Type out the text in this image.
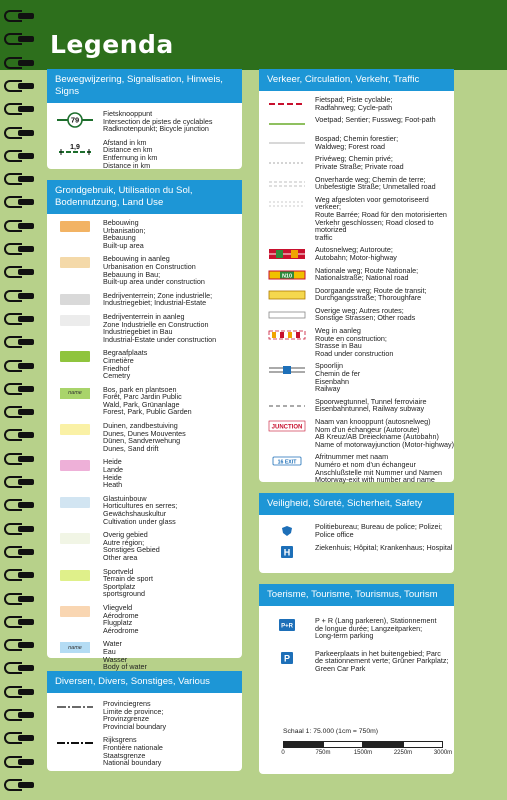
Legenda
Bewegwijzering, Signalisation, Hinweis, Signs
79
Fietsknooppunt
Intersection de pistes de cyclables
Radknotenpunkt; Bicycle junction
1,9
Afstand in km
Distance en km
Entfernung in km
Distance in km
Grondgebruik, Utilisation du Sol, Bodennutzung, Land Use
Bebouwing
Urbanisation;
Bebauung
Built-up area
Bebouwing in aanleg
Urbanisation en Construction
Bebauung in Bau;
Built-up area under construction
Bedrijventerrein; Zone industrielle;
Industriegebiet; Industrial-Estate
Bedrijventerrein in aanleg
Zone Industrielle en Construction
Industriegebiet in Bau
Industrial-Estate under construction
Begraafplaats
Cimetière
Friedhof
Cemetry
name	Bos, park en plantsoen
Forêt, Parc Jardin Public
Wald, Park, Grünanlage
Forest, Park, Public Garden
Duinen, zandbestuiving
Dunes, Dunes Mouventes
Dünen, Sandverwehung
Dunes, Sand drift
Heide
Lande
Heide
Heath
Glastuinbouw
Horticultures en serres;
Gewächshauskultur
Cultivation under glass
Overig gebied
Autre région;
Sonstiges Gebied
Other area
Sportveld
Terrain de sport
Sportplatz
sportsground
Vliegveld
Aérodrome
Flugplatz
Aérodrome
name	Water
Eau
Wasser
Body of water
Diversen, Divers, Sonstiges, Various
Provinciegrens
Limite de province;
Provinzgrenze
Provincial boundary
Rijksgrens
Frontière nationale
Staatsgrenze
National boundary
Verkeer, Circulation, Verkehr, Traffic
Fietspad; Piste cyclable;
Radfahrweg; Cycle-path
Voetpad; Sentier; Fussweg; Foot-path
Bospad; Chemin forestier;
Waldweg; Forest road
Privéweg; Chemin privé;
Private Straße; Private road
Onverharde weg; Chemin de terre;
Unbefestigte Straße; Unmetalled road
Weg afgesloten voor gemotoriseerd verkeer;
Route Barrée; Road für den motorisierten
Verkehr geschlossen; Road closed to motorized
traffic
Autosnelweg; Autoroute;
Autobahn; Motor-highway
N10
Nationale weg; Route Nationale;
Nationalstraße; National road
Doorgaande weg; Route de transit;
Durchgangsstraße; Thoroughfare
Overige weg; Autres routes;
Sonstige Strassen; Other roads
Weg in aanleg
Route en construction;
Strasse in Bau
Road under construction
Spoorlijn
Chemin de fer
Eisenbahn
Railway
Spoorwegtunnel, Tunnel ferroviaire
Eisenbahntunnel, Railway subway
JUNCTION
Naam van knooppunt (autosnelweg)
Nom d'un échangeur (Autoroute)
AB Kreuz/AB Dreieckname (Autobahn)
Name of motorwayjunction (Motor-highway)
16 EXIT
Afritnummer met naam
Numéro et nom d'un échangeur
Anschlußstelle mit Nummer und Namen
Motorway-exit with number and name
Veiligheid, Sûreté, Sicherheit, Safety
Politiebureau; Bureau de police; Polizei;
Police office
H	Ziekenhuis; Hôpital; Krankenhaus; Hospital
Toerisme, Tourisme, Tourismus, Tourism
P+R
P + R (Lang parkeren), Stationnement
de longue durée; Langzeitparken;
Long-term parking
P	Parkeerplaats in het buitengebied; Parc
de stationnement verte; Grüner Parkplatz;
Green Car Park
Schaal 1: 75.000 (1cm = 750m)
0	750m	1500m	2250m	3000m
